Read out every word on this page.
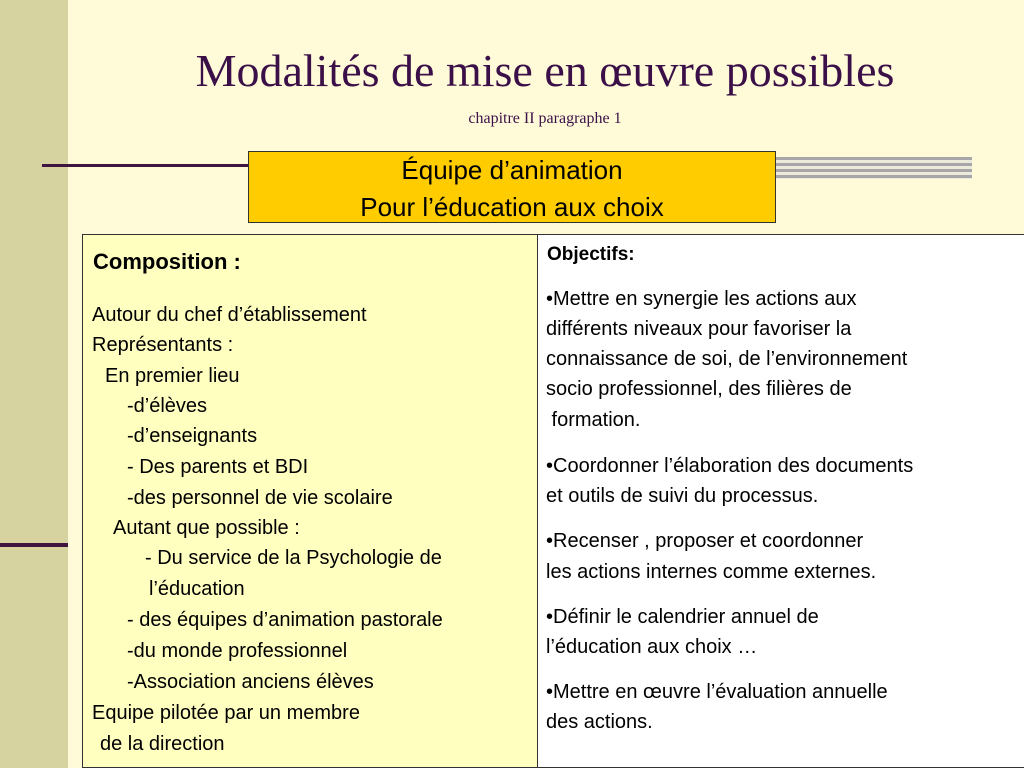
Modalités de mise en œuvre possibles
chapitre II paragraphe 1
Équipe d’animation
Pour l’éducation aux choix
Composition :
Autour du chef d’établissement
Représentants :
En premier lieu
-d’élèves
-d’enseignants
- Des parents et BDI
-des personnel de vie scolaire
Autant que possible :
- Du service de la Psychologie de
l’éducation
- des équipes d’animation pastorale
-du monde professionnel
-Association anciens élèves
Equipe pilotée par un membre
de la direction
Objectifs:
•Mettre en synergie les actions aux
différents niveaux pour favoriser la
connaissance de soi, de l’environnement
socio professionnel, des filières de
formation.
•Coordonner l’élaboration des documents
et outils de suivi du processus.
•Recenser , proposer et coordonner
les actions internes comme externes.
•Définir le calendrier annuel de
l’éducation aux choix …
•Mettre en œuvre l’évaluation annuelle
des actions.
